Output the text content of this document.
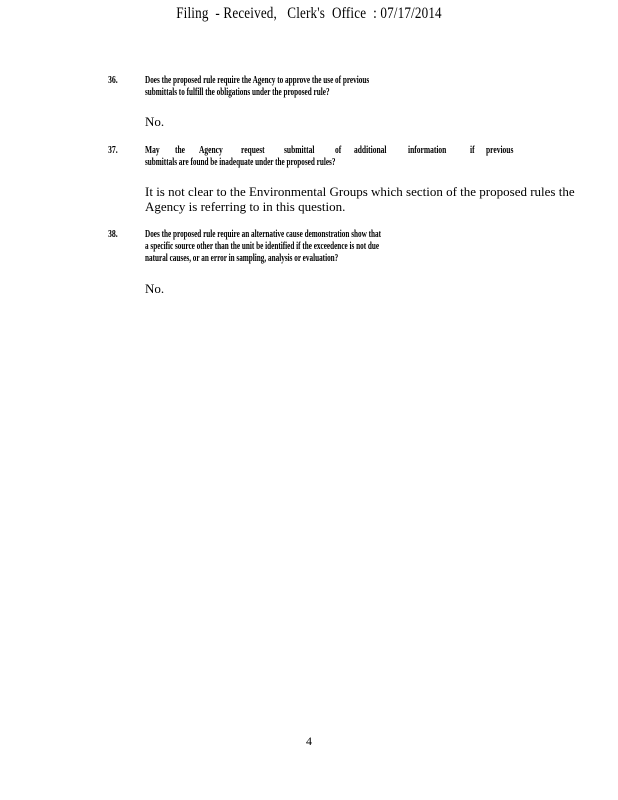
Filing  - Received,   Clerk's  Office  : 07/17/2014
36.	Does the proposed rule require the Agency to approve the use of previous
submittals to fulfill the obligations under the proposed rule?
No.
37.	May the Agency request submittal of additional information if previous
submittals are found be inadequate under the proposed rules?
It is not clear to the Environmental Groups which section of the proposed rules the Agency is referring to in this question.
38.	Does the proposed rule require an alternative cause demonstration show that
a specific source other than the unit be identified if the exceedence is not due
natural causes, or an error in sampling, analysis or evaluation?
No.
4
